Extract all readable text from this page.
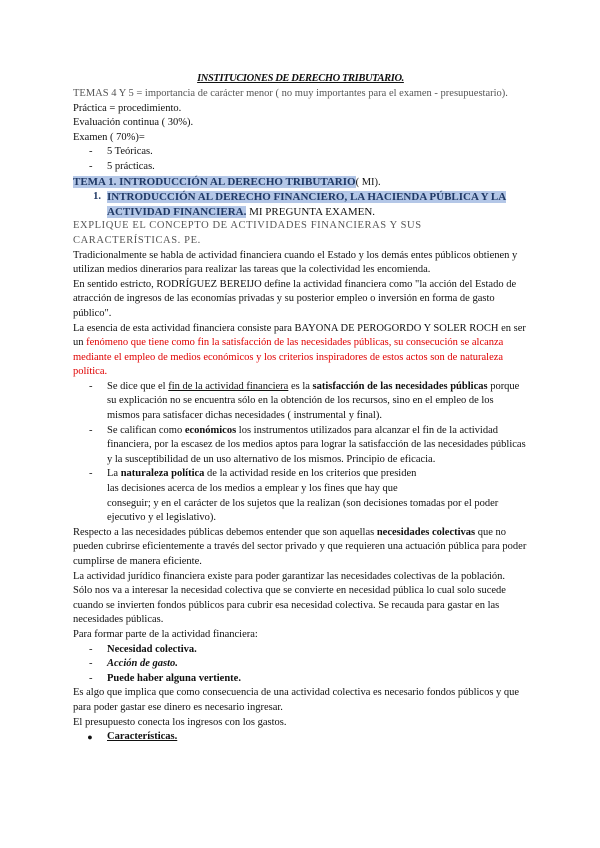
INSTITUCIONES DE DERECHO TRIBUTARIO.

TEMAS 4 Y 5 = importancia de carácter menor ( no muy importantes para el examen - presupuestario).

Práctica = procedimiento.

Evaluación continua ( 30%).

Examen ( 70%)=

- 5 Teóricas.
- 5 prácticas.

TEMA 1. INTRODUCCIÓN AL DERECHO TRIBUTARIO( MI).

1. INTRODUCCIÓN AL DERECHO FINANCIERO, LA HACIENDA PÚBLICA Y LA ACTIVIDAD FINANCIERA. MI PREGUNTA EXAMEN.

EXPLIQUE EL CONCEPTO DE ACTIVIDADES FINANCIERAS Y SUS CARACTERÍSTICAS. PE.

Tradicionalmente se habla de actividad financiera cuando el Estado y los demás entes públicos obtienen y utilizan medios dinerarios para realizar las tareas que la colectividad les encomienda.

En sentido estricto, RODRÍGUEZ BEREIJO define la actividad financiera como "la acción del Estado de atracción de ingresos de las economías privadas y su posterior empleo o inversión en forma de gasto público".

La esencia de esta actividad financiera consiste para BAYONA DE PEROGORDO Y SOLER ROCH en ser un fenómeno que tiene como fin la satisfacción de las necesidades públicas, su consecución se alcanza mediante el empleo de medios económicos y los criterios inspiradores de estos actos son de naturaleza política.

- Se dice que el fin de la actividad financiera es la satisfacción de las necesidades públicas porque su explicación no se encuentra sólo en la obtención de los recursos, sino en el empleo de los mismos para satisfacer dichas necesidades ( instrumental y final).
- Se califican como económicos los instrumentos utilizados para alcanzar el fin de la actividad financiera, por la escasez de los medios aptos para lograr la satisfacción de las necesidades públicas y la susceptibilidad de un uso alternativo de los mismos. Principio de eficacia.
- La naturaleza política de la actividad reside en los criterios que presiden
las decisiones acerca de los medios a emplear y los fines que hay que
conseguir; y en el carácter de los sujetos que la realizan (son decisiones tomadas por el poder ejecutivo y el legislativo).

Respecto a las necesidades públicas debemos entender que son aquellas necesidades colectivas que no pueden cubrirse eficientemente a través del sector privado y que requieren una actuación pública para poder cumplirse de manera eficiente.

La actividad jurídico financiera existe para poder garantizar las necesidades colectivas de la población.

Sólo nos va a interesar la necesidad colectiva que se convierte en necesidad pública lo cual solo sucede cuando se invierten fondos públicos para cubrir esa necesidad colectiva. Se recauda para gastar en las necesidades públicas.

Para formar parte de la actividad financiera:

- Necesidad colectiva.
- Acción de gasto.
- Puede haber alguna vertiente.

Es algo que implica que como consecuencia de una actividad colectiva es necesario fondos públicos y que para poder gastar ese dinero es necesario ingresar.

El presupuesto conecta los ingresos con los gastos.

●	Características.
